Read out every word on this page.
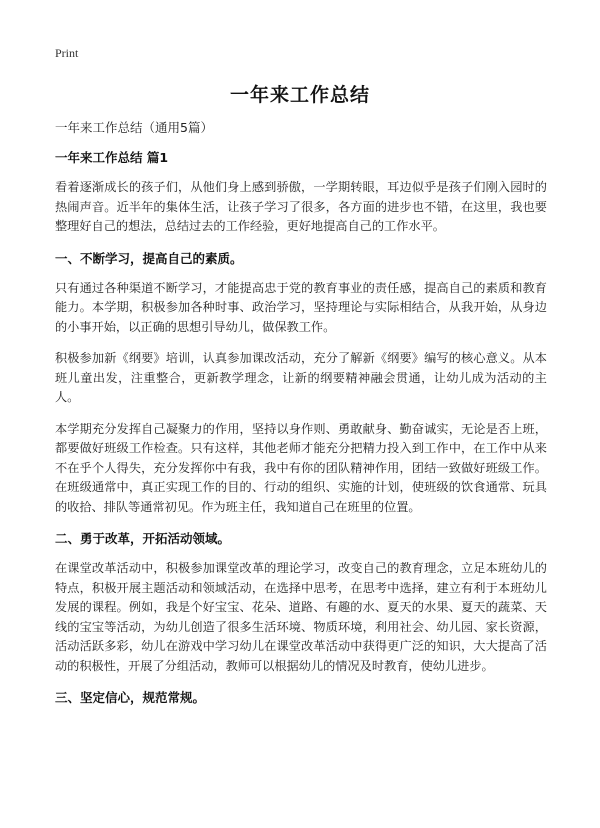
Print
一年来工作总结
一年来工作总结（通用5篇）
一年来工作总结 篇1

看着逐渐成长的孩子们，从他们身上感到骄傲，一学期转眼，耳边似乎是孩子们刚入园时的热闹声音。近半年的集体生活，让孩子学习了很多，各方面的进步也不错，在这里，我也要整理好自己的想法，总结过去的工作经验，更好地提高自己的工作水平。

一、不断学习，提高自己的素质。

只有通过各种渠道不断学习，才能提高忠于党的教育事业的责任感，提高自己的素质和教育能力。本学期，积极参加各种时事、政治学习，坚持理论与实际相结合，从我开始，从身边的小事开始，以正确的思想引导幼儿，做保教工作。

积极参加新《纲要》培训，认真参加课改活动，充分了解新《纲要》编写的核心意义。从本班儿童出发，注重整合，更新教学理念，让新的纲要精神融会贯通，让幼儿成为活动的主人。

本学期充分发挥自己凝聚力的作用，坚持以身作则、勇敢献身、勤奋诚实，无论是否上班，都要做好班级工作检查。只有这样，其他老师才能充分把精力投入到工作中，在工作中从来不在乎个人得失，充分发挥你中有我，我中有你的团队精神作用，团结一致做好班级工作。在班级通常中，真正实现工作的目的、行动的组织、实施的计划，使班级的饮食通常、玩具的收拾、排队等通常初见。作为班主任，我知道自己在班里的位置。

二、勇于改革，开拓活动领域。

在课堂改革活动中，积极参加课堂改革的理论学习，改变自己的教育理念，立足本班幼儿的特点，积极开展主题活动和领域活动，在选择中思考，在思考中选择，建立有利于本班幼儿发展的课程。例如，我是个好宝宝、花朵、道路、有趣的水、夏天的水果、夏天的蔬菜、天线的宝宝等活动，为幼儿创造了很多生活环境、物质环境，利用社会、幼儿园、家长资源，活动活跃多彩，幼儿在游戏中学习幼儿在课堂改革活动中获得更广泛的知识，大大提高了活动的积极性，开展了分组活动，教师可以根据幼儿的情况及时教育，使幼儿进步。

三、坚定信心，规范常规。
